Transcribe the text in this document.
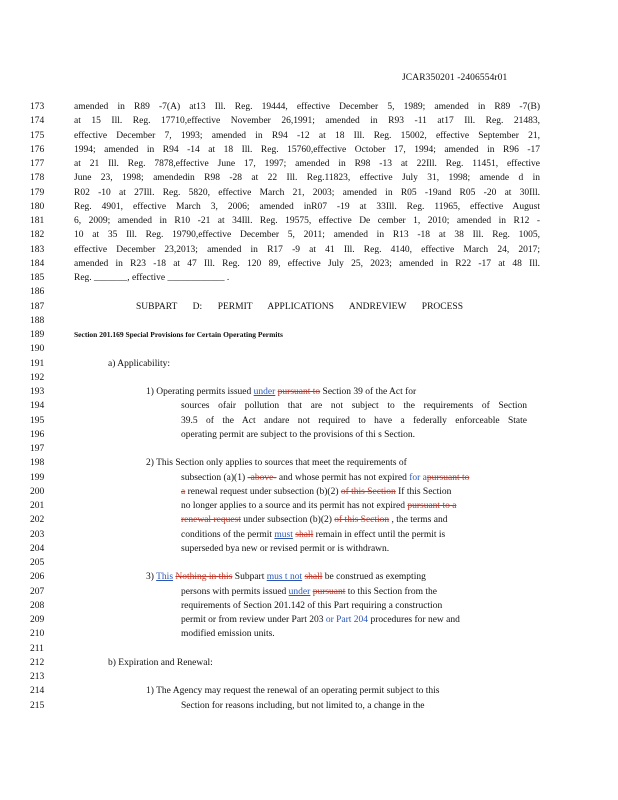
JCAR350201 -2406554r01
173	amended in R89 -7(A) at13 Ill. Reg. 19444, effective December 5, 1989; amended in R89 -7(B)
174	at 15 Ill. Reg. 17710,effective November 26,1991; amended in R93 -11 at17 Ill. Reg. 21483,
175	effective December 7, 1993; amended in R94 -12 at 18 Ill. Reg. 15002, effective September 21,
176	1994; amended in R94 -14 at 18 Ill. Reg. 15760,effective October 17, 1994; amended in R96 -17
177	at 21 Ill. Reg. 7878,effective June 17, 1997; amended in R98 -13 at 22Ill. Reg. 11451, effective
178	June 23, 1998; amendedin R98 -28 at 22 Ill. Reg.11823, effective July 31, 1998; amende d in
179	R02 -10 at 27Ill. Reg. 5820, effective March 21, 2003; amended in R05 -19and R05 -20 at 30Ill.
180	Reg. 4901, effective March 3, 2006; amended inR07 -19 at 33Ill. Reg. 11965, effective August
181	6, 2009; amended in R10 -21 at 34Ill. Reg. 19575, effective De cember 1, 2010; amended in R12 -
182	10 at 35 Ill. Reg. 19790,effective December 5, 2011; amended in R13 -18 at 38 Ill. Reg. 1005,
183	effective December 23,2013; amended in R17 -9 at 41 Ill. Reg. 4140, effective March 24, 2017;
184	amended in R23 -18 at 47 Ill. Reg. 120 89, effective July 25, 2023; amended in R22 -17 at 48 Ill.
185	Reg. _______, effective ____________ .
186
187	SUBPART D: PERMIT APPLICATIONS ANDREVIEW PROCESS
188
189	Section 201.169 Special Provisions for Certain Operating Permits
190
191	a) Applicability:
192
193	1) Operating permits issued under pursuant to Section 39 of the Act for
194	sources ofair pollution that are not subject to the requirements of Section
195	39.5 of the Act andare not required to have a federally enforceable State
196	operating permit are subject to the provisions of thi s Section.
197
198	2) This Section only applies to sources that meet the requirements of
199	subsection (a)(1) -above- and whose permit has not expired for apursuant to
200	a renewal request under subsection (b)(2) of this Section If this Section
201	no longer applies to a source and its permit has not expired pursuant to a
202	renewal request under subsection (b)(2) of this Section , the terms and
203	conditions of the permit must shall remain in effect until the permit is
204	superseded bya new or revised permit or is withdrawn.
205
206	3) This Nothing in this Subpart mus t not shall be construed as exempting
207	persons with permits issued under pursuant to this Section from the
208	requirements of Section 201.142 of this Part requiring a construction
209	permit or from review under Part 203 or Part 204 procedures for new and
210	modified emission units.
211
212	b) Expiration and Renewal:
213
214	1) The Agency may request the renewal of an operating permit subject to this
215	Section for reasons including, but not limited to, a change in the
